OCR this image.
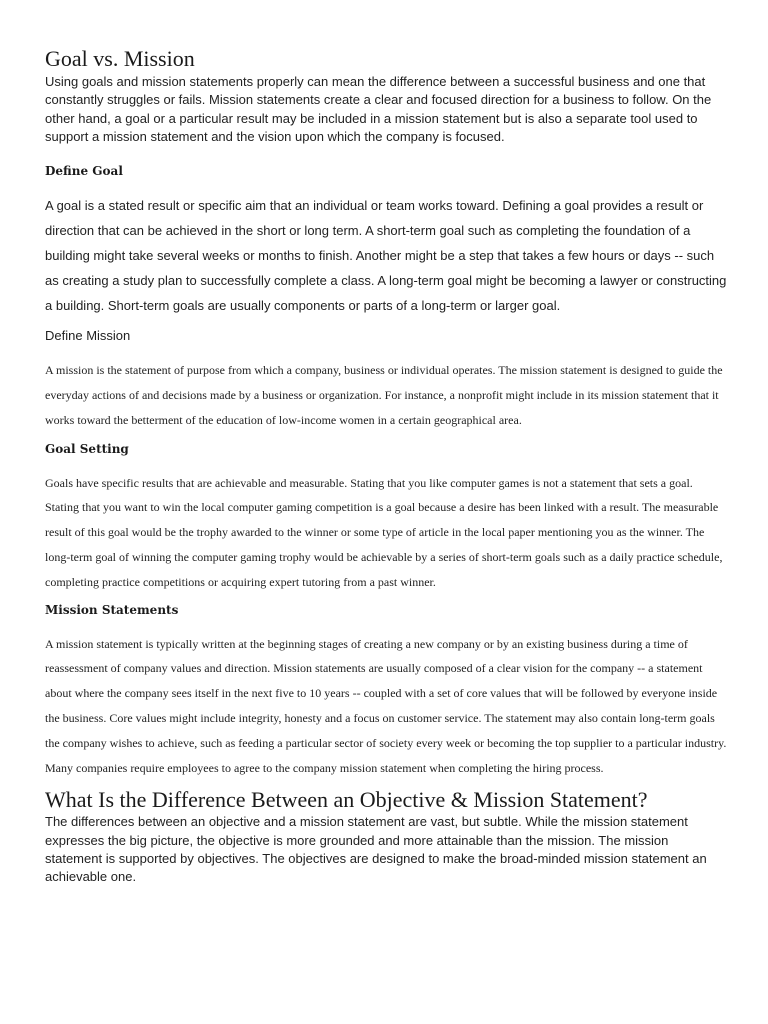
Goal vs. Mission

Using goals and mission statements properly can mean the difference between a successful business and one that constantly struggles or fails. Mission statements create a clear and focused direction for a business to follow. On the other hand, a goal or a particular result may be included in a mission statement but is also a separate tool used to support a mission statement and the vision upon which the company is focused.

Define Goal

A goal is a stated result or specific aim that an individual or team works toward. Defining a goal provides a result or direction that can be achieved in the short or long term. A short-term goal such as completing the foundation of a building might take several weeks or months to finish. Another might be a step that takes a few hours or days -- such as creating a study plan to successfully complete a class. A long-term goal might be becoming a lawyer or constructing a building. Short-term goals are usually components or parts of a long-term or larger goal.

Define Mission

A mission is the statement of purpose from which a company, business or individual operates. The mission statement is designed to guide the everyday actions of and decisions made by a business or organization. For instance, a nonprofit might include in its mission statement that it works toward the betterment of the education of low-income women in a certain geographical area.

Goal Setting

Goals have specific results that are achievable and measurable. Stating that you like computer games is not a statement that sets a goal. Stating that you want to win the local computer gaming competition is a goal because a desire has been linked with a result. The measurable result of this goal would be the trophy awarded to the winner or some type of article in the local paper mentioning you as the winner. The long-term goal of winning the computer gaming trophy would be achievable by a series of short-term goals such as a daily practice schedule, completing practice competitions or acquiring expert tutoring from a past winner.

Mission Statements

A mission statement is typically written at the beginning stages of creating a new company or by an existing business during a time of reassessment of company values and direction. Mission statements are usually composed of a clear vision for the company -- a statement about where the company sees itself in the next five to 10 years -- coupled with a set of core values that will be followed by everyone inside the business. Core values might include integrity, honesty and a focus on customer service. The statement may also contain long-term goals the company wishes to achieve, such as feeding a particular sector of society every week or becoming the top supplier to a particular industry. Many companies require employees to agree to the company mission statement when completing the hiring process.

What Is the Difference Between an Objective & Mission Statement?

The differences between an objective and a mission statement are vast, but subtle. While the mission statement expresses the big picture, the objective is more grounded and more attainable than the mission. The mission statement is supported by objectives. The objectives are designed to make the broad-minded mission statement an achievable one.
